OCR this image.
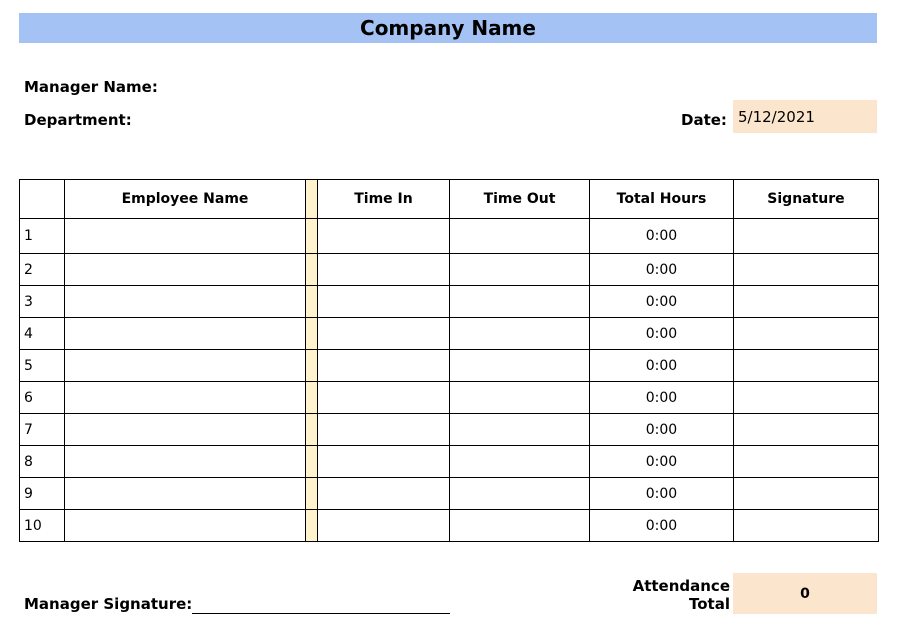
Company Name
Manager Name:
Department:	Date: 5/12/2021
	Employee Name		Time In	Time Out	Total Hours	Signature
1					0:00	
2					0:00	
3					0:00	
4					0:00	
5					0:00	
6					0:00	
7					0:00	
8					0:00	
9					0:00	
10					0:00	
Manager Signature:
Attendance Total
0
